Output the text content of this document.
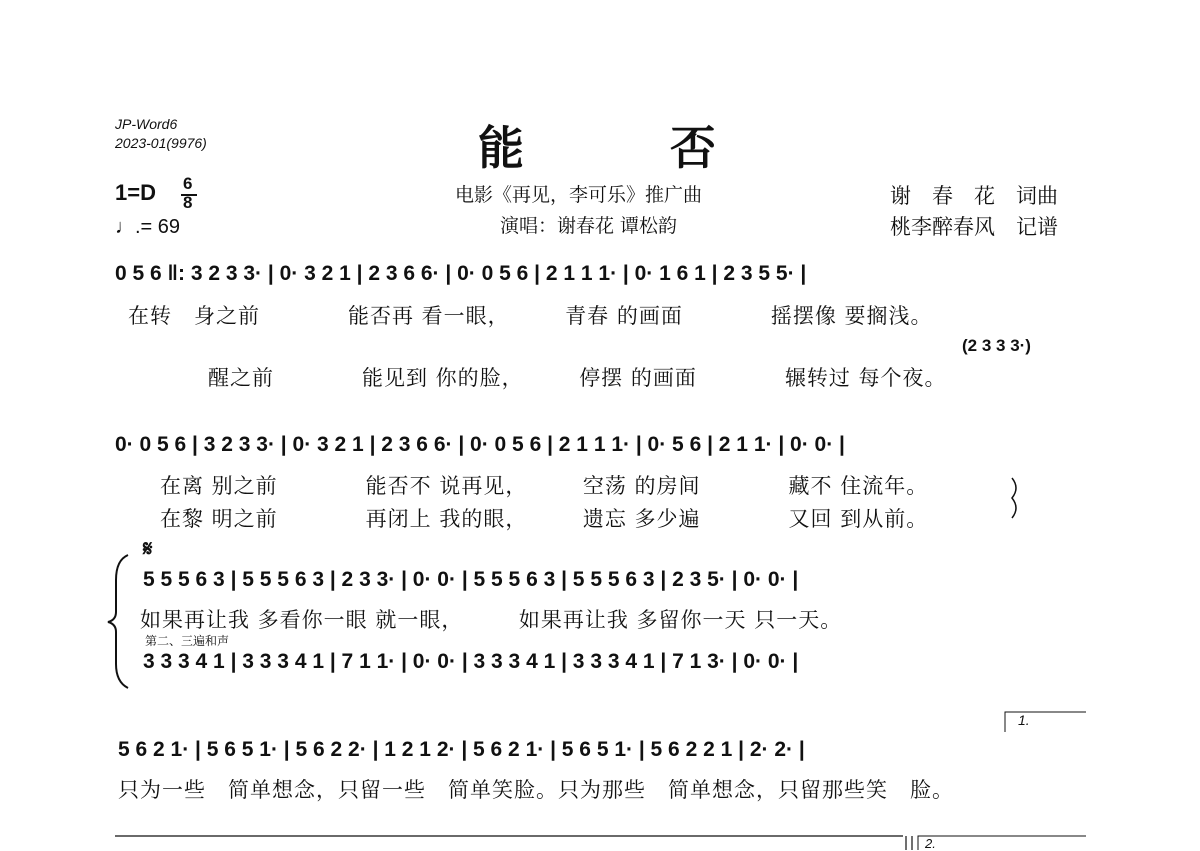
JP-Word6
2023-01(9976)	能　　　否
电影《再见，李可乐》推广曲
演唱：谢春花 谭松韵
谢　春　花　词曲
桃李醉春风　记谱
1=D 6
8
♩.= 69
0 5 6 ‖: 3 2 3 3· | 0· 3 2 1 | 2 3 6 6· | 0· 0 5 6 | 2 1 1 1· | 0· 1 6 1 | 2 3 5 5· |
在转　身之前　　　　能否再 看一眼，　　　青春 的画面　　　　摇摆像 要搁浅。
(2 3 3 3·)
醒之前　　　　能见到 你的脸，　　　停摆 的画面　　　　辗转过 每个夜。
0· 0 5 6 | 3 2 3 3· | 0· 3 2 1 | 2 3 6 6· | 0· 0 5 6 | 2 1 1 1· | 0· 5 6 | 2 1 1· | 0· 0· |
在离 别之前　　　　能否不 说再见，　　　空荡 的房间　　　　藏不 住流年。
在黎 明之前　　　　再闭上 我的眼，　　　遗忘 多少遍　　　　又回 到从前。
𝄋
5 5 5 6 3 | 5 5 5 6 3 | 2 3 3· | 0· 0· | 5 5 5 6 3 | 5 5 5 6 3 | 2 3 5· | 0· 0· |
如果再让我 多看你一眼 就一眼，　　　如果再让我 多留你一天 只一天。
第二、三遍和声
3 3 3 4 1 | 3 3 3 4 1 | 7 1 1· | 0· 0· | 3 3 3 4 1 | 3 3 3 4 1 | 7 1 3· | 0· 0· |
1.
5 6 2 1· | 5 6 5 1· | 5 6 2 2· | 1 2 1 2· | 5 6 2 1· | 5 6 5 1· | 5 6 2 2 1 | 2· 2· |
只为一些　简单想念，只留一些　简单笑脸。只为那些　简单想念，只留那些笑　脸。
2.
